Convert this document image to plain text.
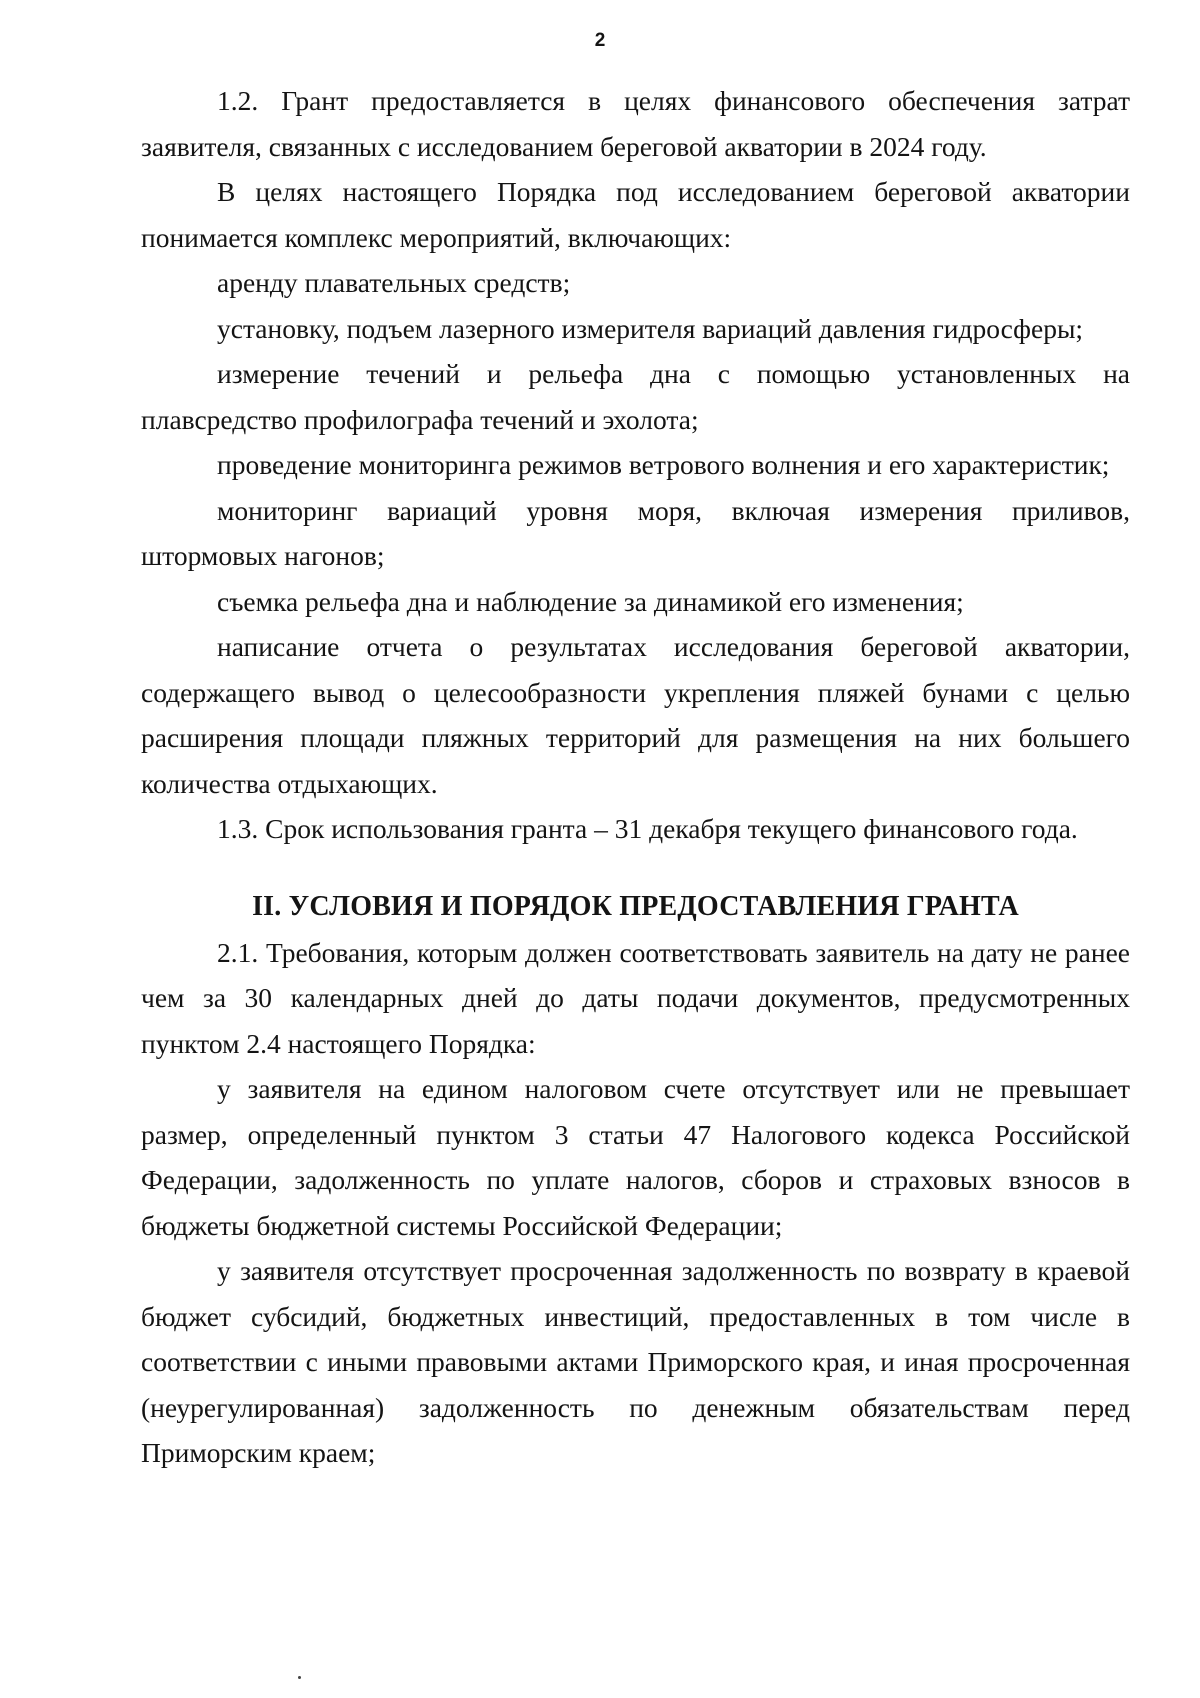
2

1.2. Грант предоставляется в целях финансового обеспечения затрат заявителя, связанных с исследованием береговой акватории в 2024 году.

В целях настоящего Порядка под исследованием береговой акватории понимается комплекс мероприятий, включающих:

аренду плавательных средств;

установку, подъем лазерного измерителя вариаций давления гидросферы;

измерение течений и рельефа дна с помощью установленных на плавсредство профилографа течений и эхолота;

проведение мониторинга режимов ветрового волнения и его характеристик;

мониторинг вариаций уровня моря, включая измерения приливов, штормовых нагонов;

съемка рельефа дна и наблюдение за динамикой его изменения;

написание отчета о результатах исследования береговой акватории, содержащего вывод о целесообразности укрепления пляжей бунами с целью расширения площади пляжных территорий для размещения на них большего количества отдыхающих.

1.3. Срок использования гранта – 31 декабря текущего финансового года.

II. УСЛОВИЯ И ПОРЯДОК ПРЕДОСТАВЛЕНИЯ ГРАНТА

2.1. Требования, которым должен соответствовать заявитель на дату не ранее чем за 30 календарных дней до даты подачи документов, предусмотренных пунктом 2.4 настоящего Порядка:

у заявителя на едином налоговом счете отсутствует или не превышает размер, определенный пунктом 3 статьи 47 Налогового кодекса Российской Федерации, задолженность по уплате налогов, сборов и страховых взносов в бюджеты бюджетной системы Российской Федерации;

у заявителя отсутствует просроченная задолженность по возврату в краевой бюджет субсидий, бюджетных инвестиций, предоставленных в том числе в соответствии с иными правовыми актами Приморского края, и иная просроченная (неурегулированная) задолженность по денежным обязательствам перед Приморским краем;
